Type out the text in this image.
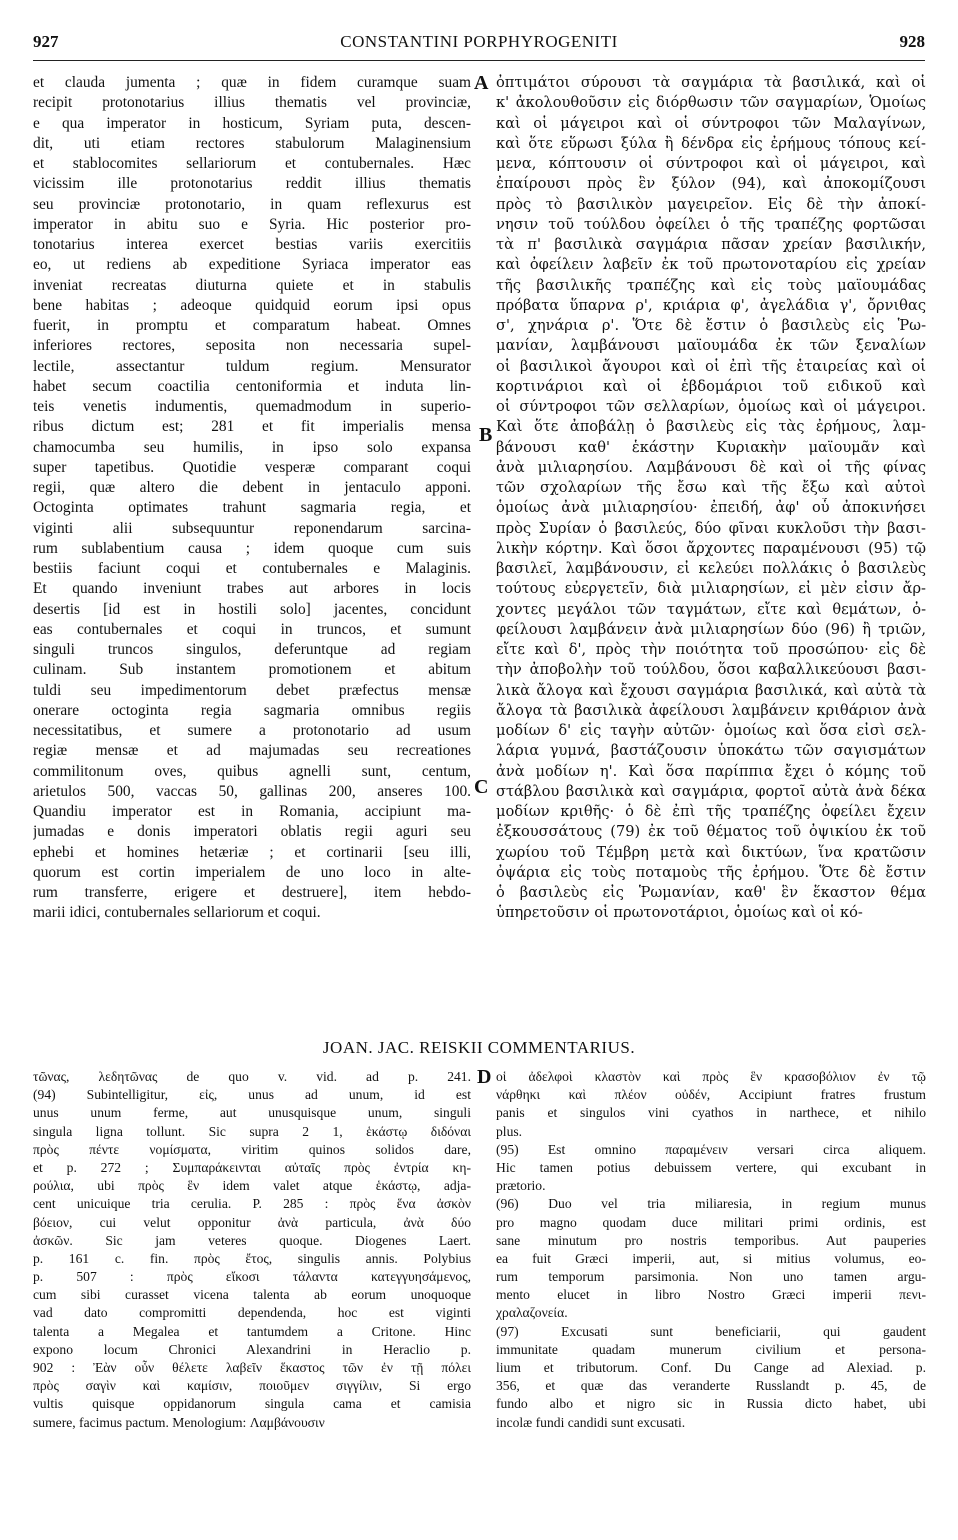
927	CONSTANTINI PORPHYROGENITI	928
et clauda jumenta ; quæ in fidem curamque suam
recipit protonotarius illius thematis vel provinciæ,
e qua imperator in hosticum, Syriam puta, descen-
dit, uti etiam rectores stabulorum Malaginensium
et stablocomites sellariorum et contubernales. Hæc
vicissim ille protonotarius reddit illius thematis
seu provinciæ protonotario, in quam reflexurus est
imperator in abitu suo e Syria. Hic posterior pro-
tonotarius interea exercet bestias variis exercitiis
eo, ut rediens ab expeditione Syriaca imperator eas
inveniat recreatas diuturna quiete et in stabulis
bene habitas ; adeoque quidquid eorum ipsi opus
fuerit, in promptu et comparatum habeat. Omnes
inferiores rectores, seposita non necessaria supel-
lectile, assectantur tuldum regium. Mensurator
habet secum coactilia centoniformia et induta lin-
teis venetis indumentis, quemadmodum in superio-
ribus dictum est; 281 et fit imperialis mensa
chamocumba seu humilis, in ipso solo expansa
super tapetibus. Quotidie vesperæ comparant coqui
regii, quæ altero die debent in jentaculo apponi.
Octoginta optimates trahunt sagmaria regia, et
viginti alii subsequuntur reponendarum sarcina-
rum sublabentium causa ; idem quoque cum suis
bestiis faciunt coqui et contubernales e Malaginis.
Et quando inveniunt trabes aut arbores in locis
desertis [id est in hostili solo] jacentes, concidunt
eas contubernales et coqui in truncos, et sumunt
singuli truncos singulos, deferuntque ad regiam
culinam. Sub instantem promotionem et abitum
tuldi seu impedimentorum debet præfectus mensæ
onerare octoginta regia sagmaria omnibus regiis
necessitatibus, et sumere a protonotario ad usum
regiæ mensæ et ad majumadas seu recreationes
commilitonum oves, quibus agnelli sunt, centum,
arietulos 500, vaccas 50, gallinas 200, anseres 100.
Quandiu imperator est in Romania, accipiunt ma-
jumadas e donis imperatori oblatis regii aguri seu
ephebi et homines hetæriæ ; et cortinarii [seu illi,
quorum est cortin imperialem de uno loco in alte-
rum transferre, erigere et destruere], item hebdo-
marii idici, contubernales sellariorum et coqui.
A
B
C
D
ὀπτιμάτοι σύρουσι τὰ σαγμάρια τὰ βασιλικά, καὶ οἱ
κ' ἀκολουθοῦσιν εἰς διόρθωσιν τῶν σαγμαρίων, Ὁμοίως
καὶ οἱ μάγειροι καὶ οἱ σύντροφοι τῶν Μαλαγίνων,
καὶ ὅτε εὕρωσι ξύλα ἢ δένδρα εἰς ἐρήμους τόπους κεί-
μενα, κόπτουσιν οἱ σύντροφοι καὶ οἱ μάγειροι, καὶ
ἐπαίρουσι πρὸς ἓν ξύλον (94), καὶ ἀποκομίζουσι
πρὸς τὸ βασιλικὸν μαγειρεῖον. Εἰς δὲ τὴν ἀποκί-
νησιν τοῦ τούλδου ὀφείλει ὁ τῆς τραπέζης φορτῶσαι
τὰ π' βασιλικὰ σαγμάρια πᾶσαν χρείαν βασιλικήν,
καὶ ὀφείλειν λαβεῖν ἐκ τοῦ πρωτονοταρίου εἰς χρείαν
τῆς βασιλικῆς τραπέζης καὶ εἰς τοὺς μαϊουμάδας
πρόβατα ὕπαρνα ρ', κριάρια φ', ἀγελάδια γ', ὄρνιθας
σ', χηνάρια ρ'. Ὅτε δὲ ἔστιν ὁ βασιλεὺς εἰς Ῥω-
μανίαν, λαμβάνουσι μαϊουμάδα ἐκ τῶν ξεναλίων
οἱ βασιλικοὶ ἄγουροι καὶ οἱ ἐπὶ τῆς ἑταιρείας καὶ οἱ
κορτινάριοι καὶ οἱ ἑβδομάριοι τοῦ ειδικοῦ καὶ
οἱ σύντροφοι τῶν σελλαρίων, ὁμοίως καὶ οἱ μάγειροι.
Καὶ ὅτε ἀποβάλῃ ὁ βασιλεὺς εἰς τὰς ἐρήμους, λαμ-
βάνουσι καθ' ἑκάστην Κυριακὴν μαϊουμᾶν καὶ
ἀνὰ μιλιαρησίου. Λαμβάνουσι δὲ καὶ οἱ τῆς φίνας
τῶν σχολαρίων τῆς ἔσω καὶ τῆς ἔξω καὶ αὐτοὶ
ὁμοίως ἀνὰ μιλιαρησίου· ἐπειδή, ἀφ' οὗ ἀποκινήσει
πρὸς Συρίαν ὁ βασιλεύς, δύο φῖναι κυκλοῦσι τὴν βασι-
λικὴν κόρτην. Καὶ ὅσοι ἄρχοντες παραμένουσι (95) τῷ
βασιλεῖ, λαμβάνουσιν, εἰ κελεύει πολλάκις ὁ βασιλεὺς
τούτους εὐεργετεῖν, διὰ μιλιαρησίων, εἰ μὲν εἰσιν ἄρ-
χοντες μεγάλοι τῶν ταγμάτων, εἴτε καὶ θεμάτων, ὀ-
φείλουσι λαμβάνειν ἀνὰ μιλιαρησίων δύο (96) ἢ τριῶν,
εἴτε καὶ δ', πρὸς τὴν ποιότητα τοῦ προσώπου· εἰς δὲ
τὴν ἀποβολὴν τοῦ τούλδου, ὅσοι καβαλλικεύουσι βασι-
λικὰ ἄλογα καὶ ἔχουσι σαγμάρια βασιλικά, καὶ αὐτὰ τὰ
ἄλογα τὰ βασιλικὰ ἀφείλουσι λαμβάνειν κριθάριον ἀνὰ
μοδίων δ' εἰς ταγὴν αὐτῶν· ὁμοίως καὶ ὅσα εἰσὶ σελ-
λάρια γυμνά, βαστάζουσιν ὑποκάτω τῶν σαγισμάτων
ἀνὰ μοδίων η'. Καὶ ὅσα παρίππια ἔχει ὁ κόμης τοῦ
στάβλου βασιλικὰ καὶ σαγμάρια, φορτοῖ αὐτὰ ἀνὰ δέκα
μοδίων κριθῆς· ὁ δὲ ἐπὶ τῆς τραπέζης ὀφείλει ἔχειν
ἐξκουσσάτους (79) ἐκ τοῦ θέματος τοῦ ὀψικίου ἐκ τοῦ
χωρίου τοῦ Τέμβρη μετὰ καὶ δικτύων, ἵνα κρατῶσιν
ὀψάρια εἰς τοὺς ποταμοὺς τῆς ἐρήμου. Ὅτε δὲ ἔστιν
ὁ βασιλεὺς εἰς Ῥωμανίαν, καθ' ἓν ἕκαστον θέμα
ὑπηρετοῦσιν οἱ πρωτονοτάριοι, ὁμοίως καὶ οἱ κό-
JOAN. JAC. REISKII COMMENTARIUS.
τῶνας, λεδητῶνας de quo v. vid. ad p. 241.
(94) Subintelligitur, εἰς, unus ad unum, id est
unus unum ferme, aut unusquisque unum, singuli
singula ligna tollunt. Sic supra 2 1, ἑκάστῳ διδόναι
πρὸς πέντε νομίσματα, viritim quinos solidos dare,
et p. 272 ; Συμπαράκεινται αὐταῖς πρὸς ἐντρία κη-
ρούλια, ubi πρὸς ἓν idem valet atque ἑκάστῳ, adja-
cent unicuique tria cerulia. P. 285 : πρὸς ἕνα ἀσκὸν
βόειον, cui velut opponitur ἀνὰ particula, ἀνὰ δύο
ἀσκῶν. Sic jam veteres quoque. Diogenes Laert.
p. 161 c. fin. πρὸς ἔτος, singulis annis. Polybius
p. 507 : πρὸς εἴκοσι τάλαντα κατεγγυησάμενος,
cum sibi curasset vicena talenta ab eorum unoquoque
vad dato compromitti dependenda, hoc est viginti
talenta a Megalea et tantumdem a Critone. Hinc
expono locum Chronici Alexandrini in Heraclio p.
902 : Ἐὰν οὖν θέλετε λαβεῖν ἕκαστος τῶν ἐν τῇ πόλει
πρὸς σαγὶν καὶ καμίσιν, ποιοῦμεν σιγγίλιν, Si ergo
vultis quisque oppidanorum singula cama et camisia
sumere, facimus pactum. Menologium: Λαμβάνουσιν
οἱ ἀδελφοὶ κλαστὸν καὶ πρὸς ἓν κρασοβόλιον ἐν τῷ
νάρθηκι καὶ πλέον οὐδέν, Accipiunt fratres frustum
panis et singulos vini cyathos in narthece, et nihilo
plus.
(95) Est omnino παραμένειν versari circa aliquem.
Hic tamen potius debuissem vertere, qui excubant in
prætorio.
(96) Duo vel tria miliaresia, in regium munus
pro magno quodam duce militari primi ordinis, est
sane minutum pro nostris temporibus. Aut pauperies
ea fuit Græci imperii, aut, si mitius volumus, eo-
rum temporum parsimonia. Non uno tamen argu-
mento elucet in libro Nostro Græci imperii πενι-
χραλαζονεία.
(97) Excusati sunt beneficiarii, qui gaudent
immunitate quadam munerum civilium et persona-
lium et tributorum. Conf. Du Cange ad Alexiad. p.
356, et quæ das veranderte Russlandt p. 45, de
fundo albo et nigro sic in Russia dicto habet, ubi
incolæ fundi candidi sunt excusati.
